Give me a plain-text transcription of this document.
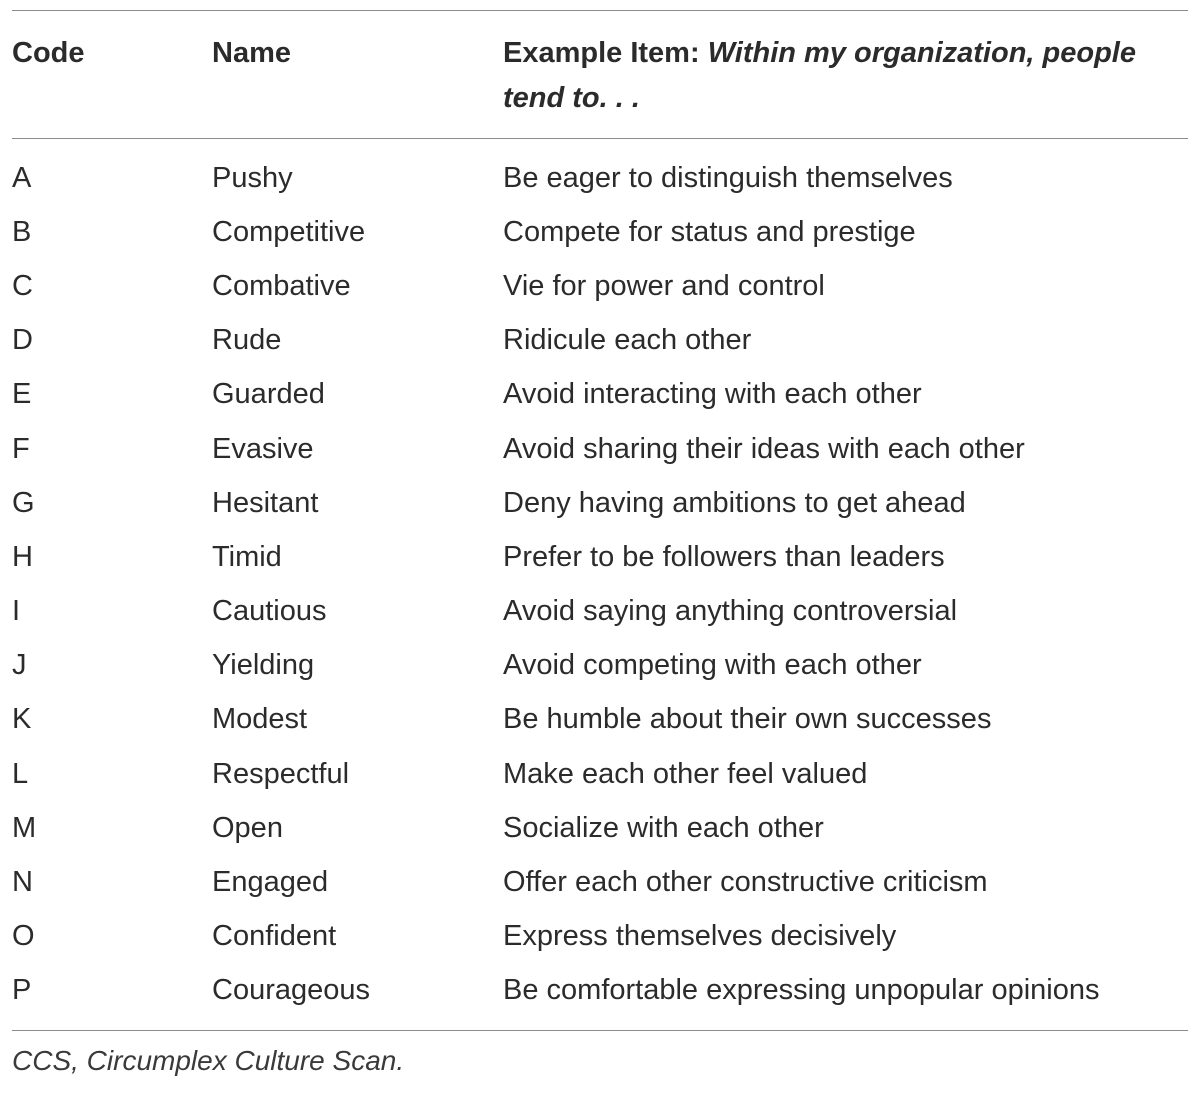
Code	Name	Example Item: Within my organization, people tend to. . .
A	Pushy	Be eager to distinguish themselves
B	Competitive	Compete for status and prestige
C	Combative	Vie for power and control
D	Rude	Ridicule each other
E	Guarded	Avoid interacting with each other
F	Evasive	Avoid sharing their ideas with each other
G	Hesitant	Deny having ambitions to get ahead
H	Timid	Prefer to be followers than leaders
I	Cautious	Avoid saying anything controversial
J	Yielding	Avoid competing with each other
K	Modest	Be humble about their own successes
L	Respectful	Make each other feel valued
M	Open	Socialize with each other
N	Engaged	Offer each other constructive criticism
O	Confident	Express themselves decisively
P	Courageous	Be comfortable expressing unpopular opinions
CCS, Circumplex Culture Scan.
